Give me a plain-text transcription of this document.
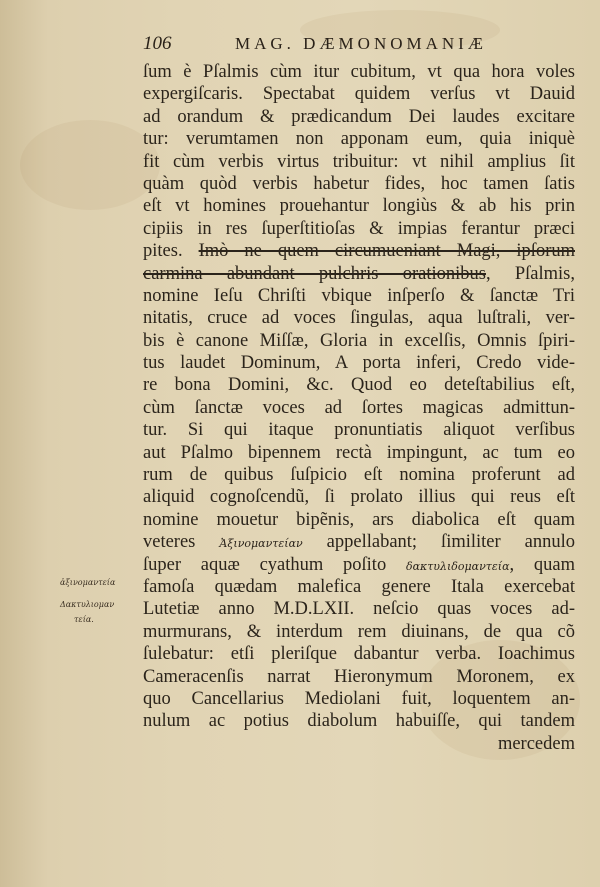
106	MAG. DÆMONOMANIÆ
ſum è Pſalmis cùm itur cubitum, vt qua hora voles
expergiſcaris. Spectabat quidem verſus vt Dauid
ad orandum & prædicandum Dei laudes excitare
tur: verumtamen non apponam eum, quia iniquè
fit cùm verbis virtus tribuitur: vt nihil amplius ſit
quàm quòd verbis habetur fides, hoc tamen ſatis
eſt vt homines prouehantur longiùs & ab his prin
cipiis in res ſuperſtitioſas & impias ferantur præci
pites. Imò ne quem circumueniant Magi, ipſorum
carmina abundant pulchris orationibus, Pſalmis,
nomine Ieſu Chriſti vbique inſperſo & ſanctæ Tri
nitatis, cruce ad voces ſingulas, aqua luſtrali, ver-
bis è canone Miſſæ, Gloria in excelſis, Omnis ſpiri-
tus laudet Dominum, A porta inferi, Credo vide-
re bona Domini, &c. Quod eo deteſtabilius eſt,
cùm ſanctæ voces ad ſortes magicas admittun-
tur. Si qui itaque pronuntiatis aliquot verſibus
aut Pſalmo bipennem rectà impingunt, ac tum eo
rum de quibus ſuſpicio eſt nomina proferunt ad
aliquid cognoſcendũ, ſi prolato illius qui reus eſt
nomine mouetur bipẽnis, ars diabolica eſt quam
veteres Ἀξινομαντείαν appellabant; ſimiliter annulo
ſuper aquæ cyathum poſito δακτυλιδομαντεία, quam
famoſa quædam malefica genere Itala exercebat
Lutetiæ anno M.D.LXII. neſcio quas voces ad-
murmurans, & interdum rem diuinans, de qua cõ
ſulebatur: etſi pleriſque dabantur verba. Ioachimus
Cameracenſis narrat Hieronymum Moronem, ex
quo Cancellarius Mediolani fuit, loquentem an-
nulum ac potius diabolum habuiſſe, qui tandem
mercedem
ἀξινομαντεία
Δακτυλιομαν
τεία.
